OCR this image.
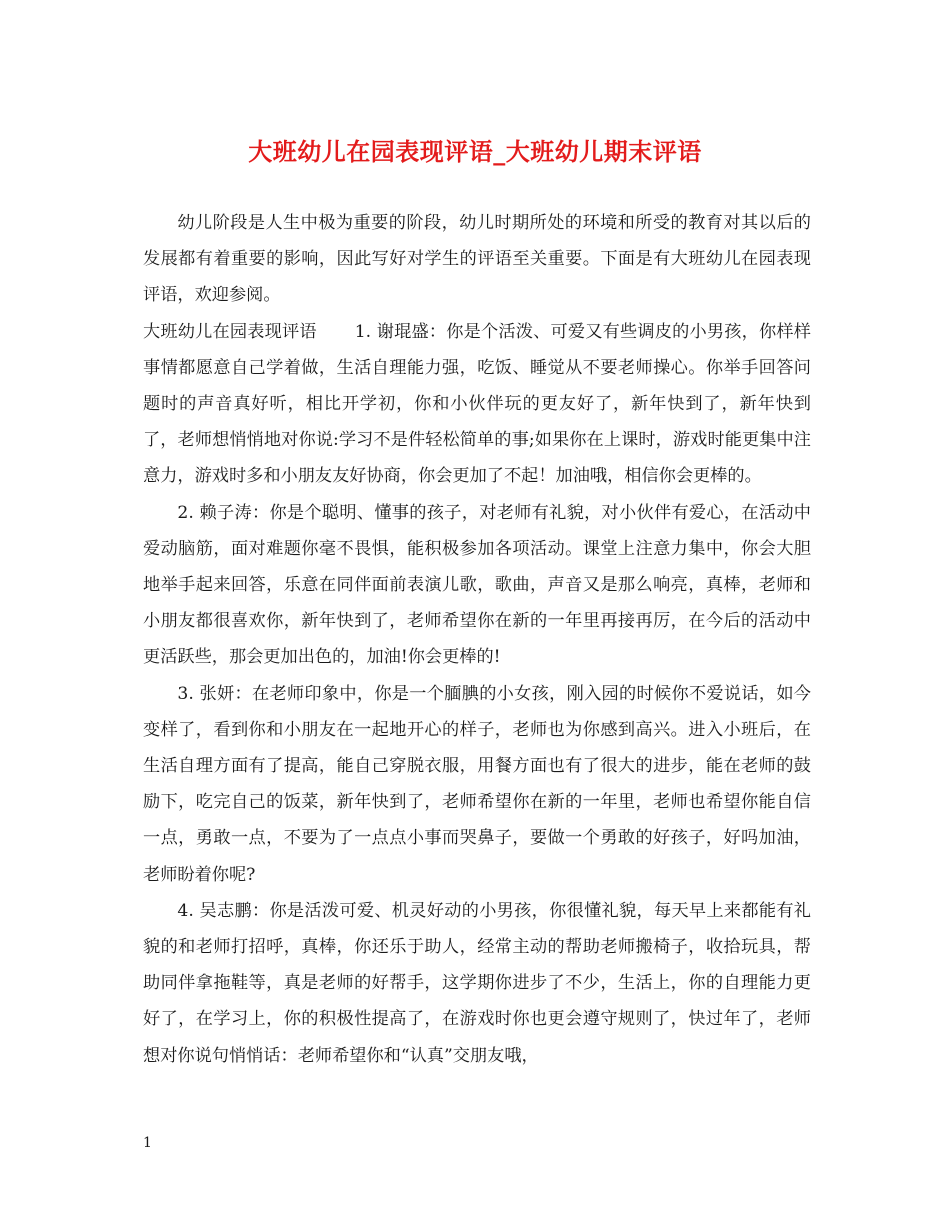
大班幼儿在园表现评语_大班幼儿期末评语

幼儿阶段是人生中极为重要的阶段，幼儿时期所处的环境和所受的教育对其以后的发展都有着重要的影响，因此写好对学生的评语至关重要。下面是有大班幼儿在园表现评语，欢迎参阅。

大班幼儿在园表现评语 1. 谢琨盛：你是个活泼、可爱又有些调皮的小男孩，你样样事情都愿意自己学着做，生活自理能力强，吃饭、睡觉从不要老师操心。你举手回答问题时的声音真好听，相比开学初，你和小伙伴玩的更友好了，新年快到了，新年快到了，老师想悄悄地对你说:学习不是件轻松简单的事;如果你在上课时，游戏时能更集中注意力，游戏时多和小朋友友好协商，你会更加了不起！加油哦，相信你会更棒的。

2. 赖子涛：你是个聪明、懂事的孩子，对老师有礼貌，对小伙伴有爱心，在活动中爱动脑筋，面对难题你毫不畏惧，能积极参加各项活动。课堂上注意力集中，你会大胆地举手起来回答，乐意在同伴面前表演儿歌，歌曲，声音又是那么响亮，真棒，老师和小朋友都很喜欢你，新年快到了，老师希望你在新的一年里再接再厉，在今后的活动中更活跃些，那会更加出色的，加油!你会更棒的!

3. 张妍：在老师印象中，你是一个腼腆的小女孩，刚入园的时候你不爱说话，如今变样了，看到你和小朋友在一起地开心的样子，老师也为你感到高兴。进入小班后，在生活自理方面有了提高，能自己穿脱衣服，用餐方面也有了很大的进步，能在老师的鼓励下，吃完自己的饭菜，新年快到了，老师希望你在新的一年里，老师也希望你能自信一点，勇敢一点，不要为了一点点小事而哭鼻子，要做一个勇敢的好孩子，好吗加油，老师盼着你呢?

4. 吴志鹏：你是活泼可爱、机灵好动的小男孩，你很懂礼貌，每天早上来都能有礼貌的和老师打招呼，真棒，你还乐于助人，经常主动的帮助老师搬椅子，收拾玩具，帮助同伴拿拖鞋等，真是老师的好帮手，这学期你进步了不少，生活上，你的自理能力更好了，在学习上，你的积极性提高了，在游戏时你也更会遵守规则了，快过年了，老师想对你说句悄悄话：老师希望你和“认真”交朋友哦，

1
